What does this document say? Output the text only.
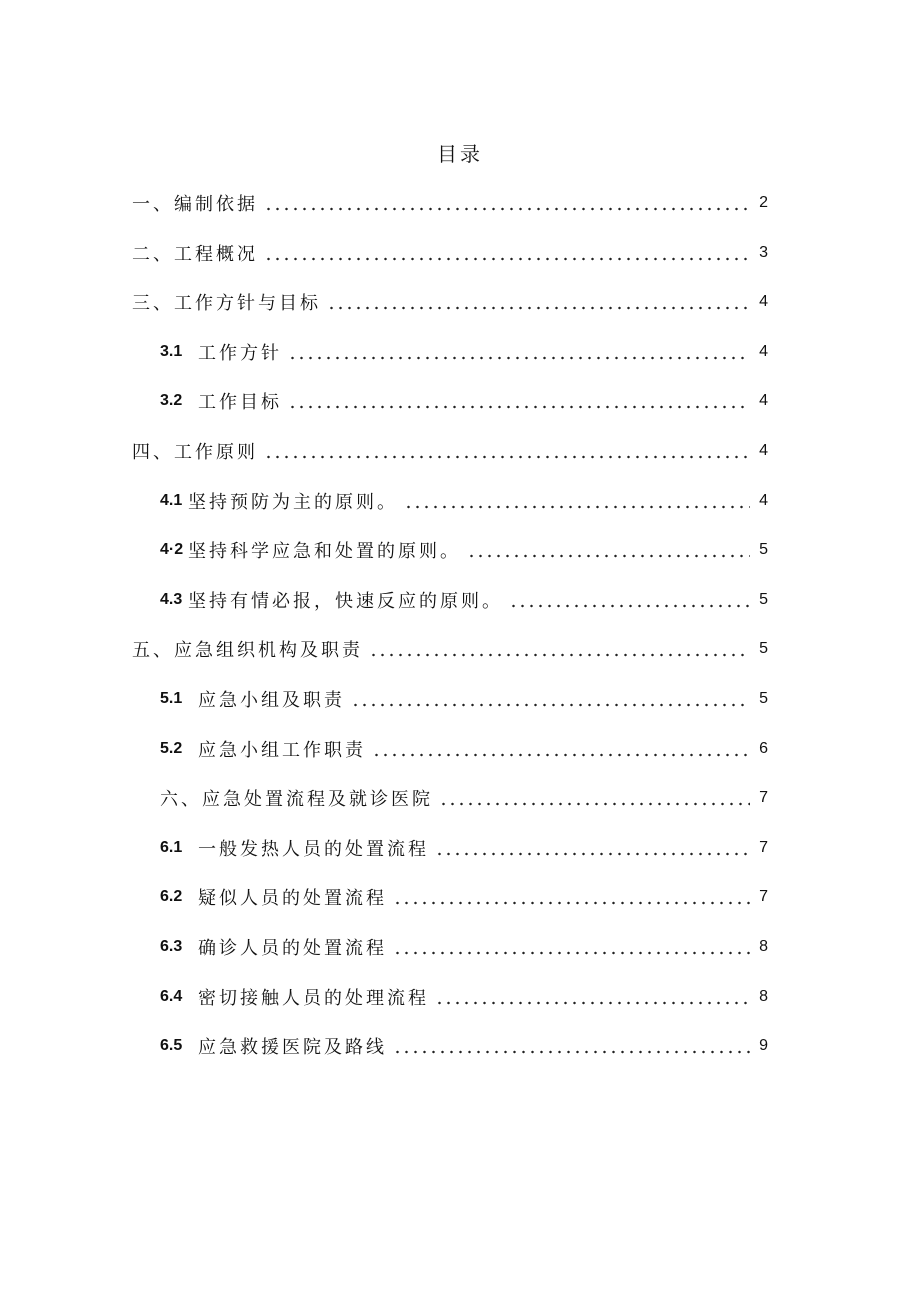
目录
一、编制依据	2
二、工程概况	3
三、工作方针与目标	4
3.1 工作方针	4
3.2 工作目标	4
四、工作原则	4
4.1 坚持预防为主的原则。	4
4·2 坚持科学应急和处置的原则。	5
4.3 坚持有情必报，快速反应的原则。	5
五、应急组织机构及职责	5
5.1 应急小组及职责	5
5.2 应急小组工作职责	6
六、应急处置流程及就诊医院	7
6.1 一般发热人员的处置流程	7
6.2 疑似人员的处置流程	7
6.3 确诊人员的处置流程	8
6.4 密切接触人员的处理流程	8
6.5 应急救援医院及路线	9
